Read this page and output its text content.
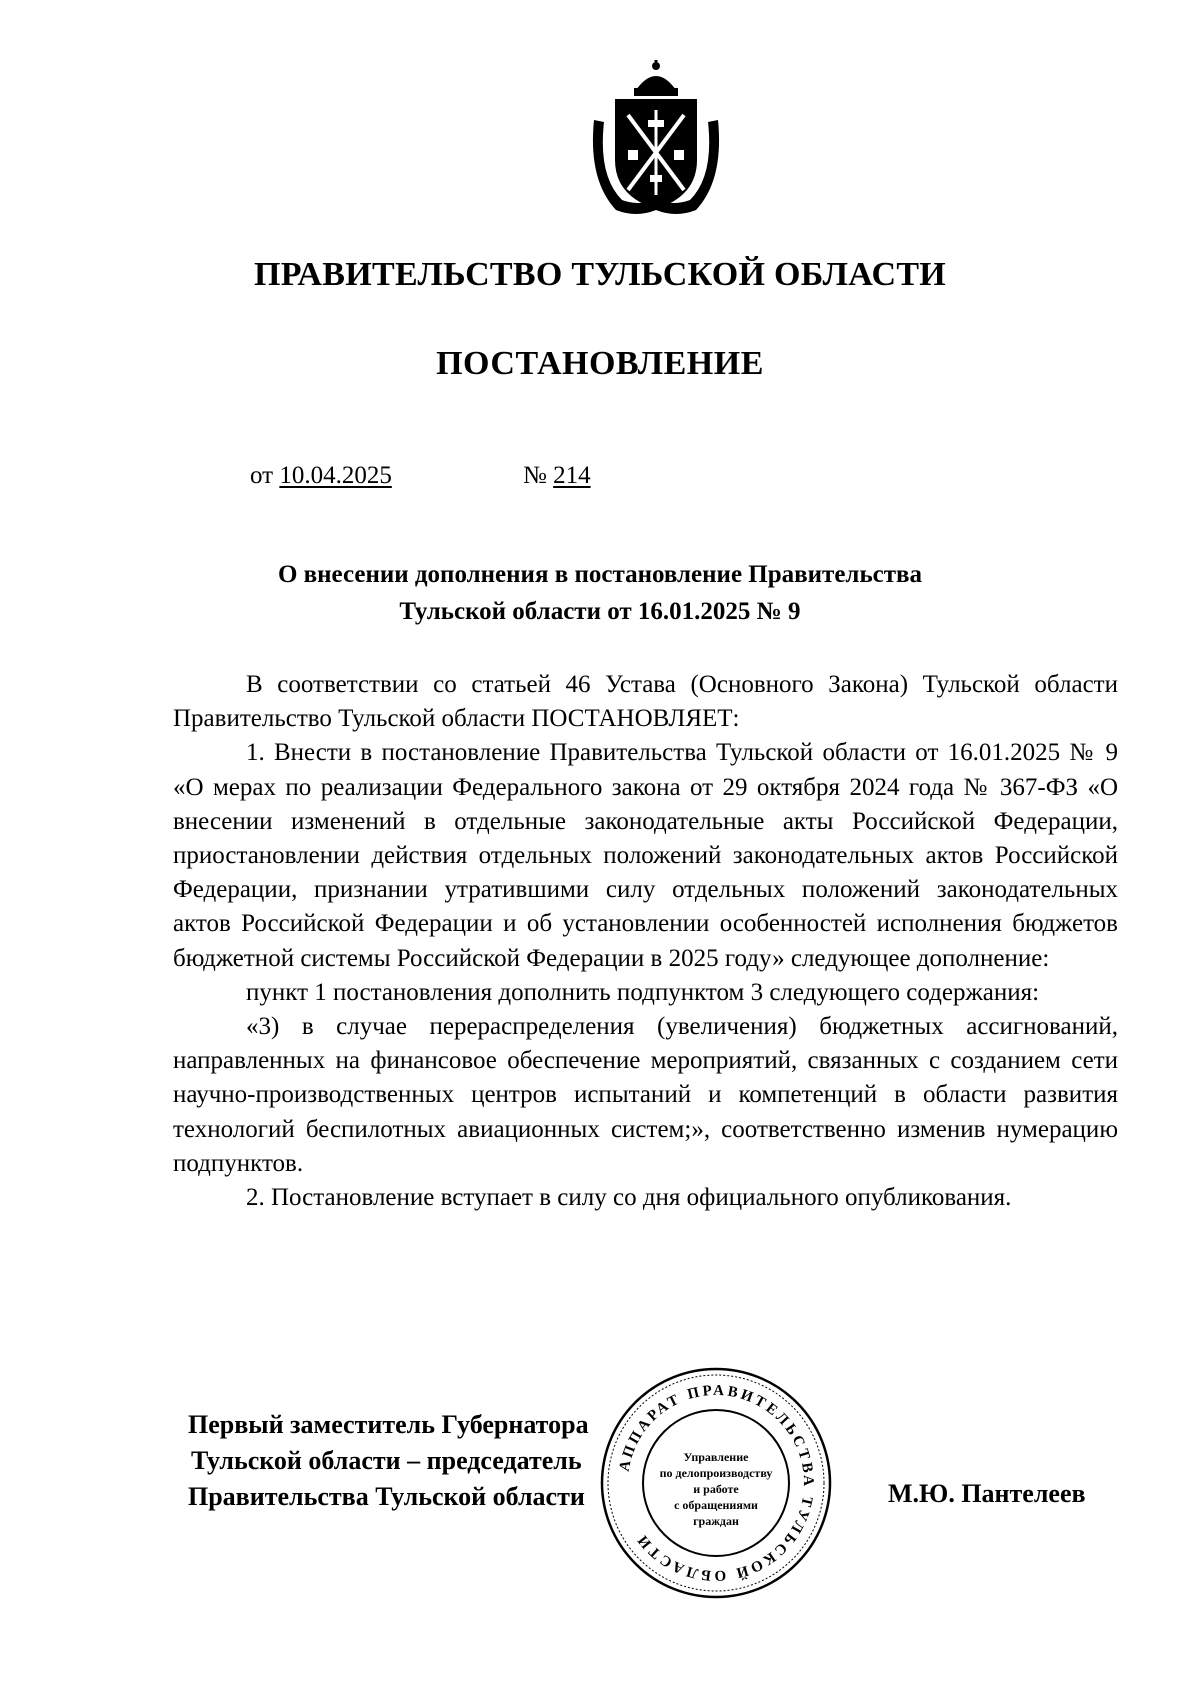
ПРАВИТЕЛЬСТВО ТУЛЬСКОЙ ОБЛАСТИ
ПОСТАНОВЛЕНИЕ
от 10.04.2025	№ 214
О внесении дополнения в постановление Правительства
Тульской области от 16.01.2025 № 9

В соответствии со статьей 46 Устава (Основного Закона) Тульской области Правительство Тульской области ПОСТАНОВЛЯЕТ:

1. Внести в постановление Правительства Тульской области от 16.01.2025 № 9 «О мерах по реализации Федерального закона от 29 октября 2024 года № 367-ФЗ «О внесении изменений в отдельные законодательные акты Российской Федерации, приостановлении действия отдельных положений законодательных актов Российской Федерации, признании утратившими силу отдельных положений законодательных актов Российской Федерации и об установлении особенностей исполнения бюджетов бюджетной системы Российской Федерации в 2025 году» следующее дополнение:

пункт 1 постановления дополнить подпунктом 3 следующего содержания:

«3) в случае перераспределения (увеличения) бюджетных ассигнований, направленных на финансовое обеспечение мероприятий, связанных с созданием сети научно-производственных центров испытаний и компетенций в области развития технологий беспилотных авиационных систем;», соответственно изменив нумерацию подпунктов.

2. Постановление вступает в силу со дня официального опубликования.

Первый заместитель Губернатора
Тульской области – председатель
Правительства Тульской области	М.Ю. Пантелеев
АППАРАТ ПРАВИТЕЛЬСТВА ТУЛЬСКОЙ ОБЛАСТИ
Управление
по делопроизводству
и работе
с обращениями
граждан
